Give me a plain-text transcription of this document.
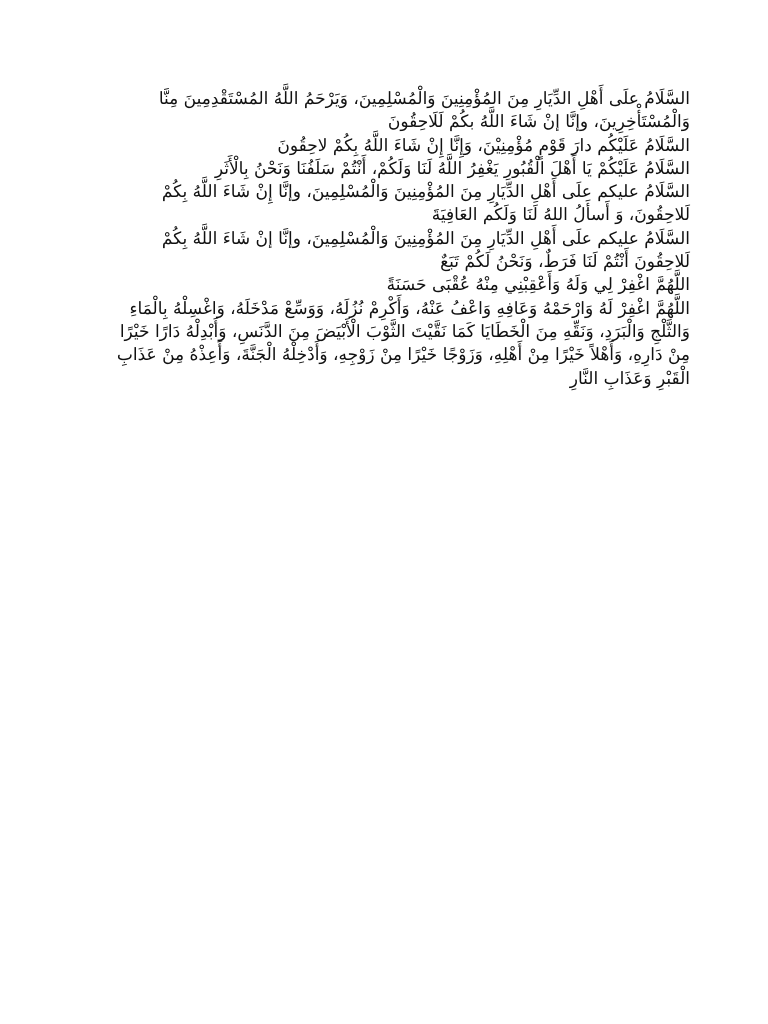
السَّلَامُ علَى أَهْلِ الدِّيَارِ مِنَ المُؤْمِنِينَ وَالْمُسْلِمِينَ، وَيَرْحَمُ اللَّهُ المُسْتَقْدِمِينَ مِنَّا وَالْمُسْتَأْخِرِينَ، وإنَّا إنْ شَاءَ اللَّهُ بكُمْ لَلَاحِقُونَ

السَّلَامُ عَلَيْكُم دارَ قَوْمٍ مُؤْمِنِيْنَ، وَإِنَّا إِنْ شَاءَ اللَّهُ بِكُمْ لاحِقُونَ

السَّلَامُ عَلَيْكُمْ يَا أَهْلَ الْقُبُورِ يَغْفِرُ اللَّهُ لَنَا وَلَكُمْ، أَنْتُمْ سَلَفُنَا وَنَحْنُ بِالْأَثَرِ

السَّلَامُ عليكم علَى أَهْلِ الدِّيَارِ مِنَ المُؤْمِنِينَ وَالْمُسْلِمِينَ، وإنَّا إِنْ شَاءَ اللَّهُ بِكُمْ لَلاحِقُونَ، وَ أَسأَلُ اللهُ لَنَا وَلَكُم العَافِيَةَ

السَّلَامُ عليكم علَى أَهْلِ الدِّيَارِ مِنَ المُؤْمِنِينَ وَالْمُسْلِمِينَ، وإنَّا إنْ شَاءَ اللَّهُ بِكُمْ لَلاحِقُونَ أَنْتُمْ لَنَا فَرَطٌ، وَنَحْنُ لَكُمْ تَبَعٌ

اللَّهُمَّ اغْفِرْ لِي وَلَهُ وَأَعْقِبْنِي مِنْهُ عُقْبَى حَسَنَةً

اللَّهُمَّ اغْفِرْ لَهُ وَارْحَمْهُ وَعَافِهِ وَاعْفُ عَنْهُ، وَأَكْرِمْ نُزُلَهُ، وَوَسِّعْ مَدْخَلَهُ، وَاغْسِلْهُ بِالْمَاءِ وَالثَّلْجِ وَالْبَرَدِ، وَنَقِّهِ مِنَ الْخَطَايَا كَمَا نَقَّيْتَ الثَّوْبَ الْأَبْيَضَ مِنَ الدَّنَسِ، وَأَبْدِلْهُ دَارًا خَيْرًا مِنْ دَارِهِ، وَأَهْلاً خَيْرًا مِنْ أَهْلِهِ، وَزَوْجًا خَيْرًا مِنْ زَوْجِهِ، وَأَدْخِلْهُ الْجَنَّةَ، وَأَعِذْهُ مِنْ عَذَابِ الْقَبْرِ وَعَذَابِ النَّارِ
